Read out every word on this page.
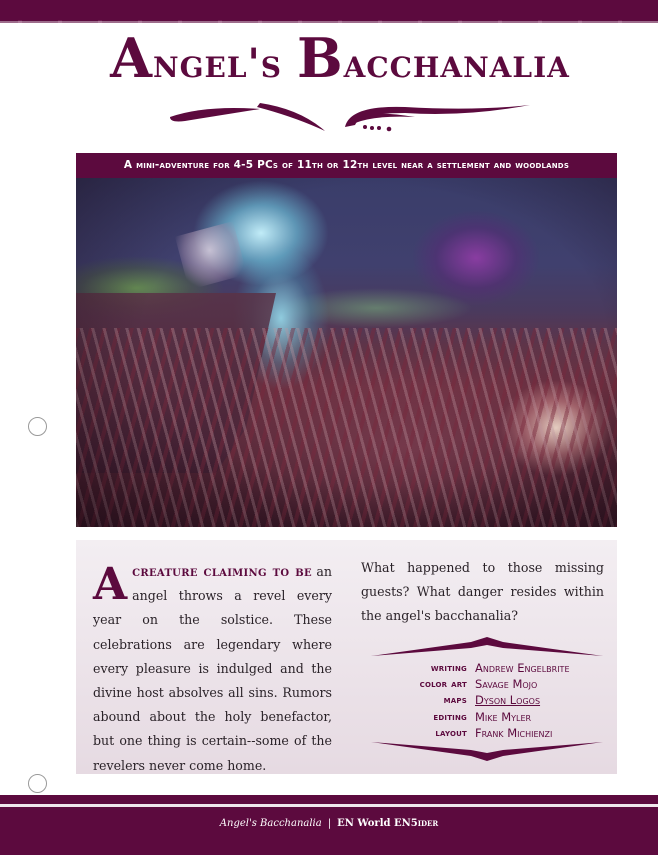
Angel's Bacchanalia
A mini-adventure for 4-5 PCs of 11th or 12th level near a settlement and woodlands
A creature claiming to be an angel throws a revel every year on the solstice. These celebrations are legendary where every pleasure is indulged and the divine host absolves all sins. Rumors abound about the holy benefactor, but one thing is certain--some of the revelers never come home.

What happened to those missing guests? What danger resides within the angel's bacchanalia?

writing Andrew Engelbrite
color art Savage Mojo
maps Dyson Logos
editing Mike Myler
layout Frank Michienzi
Angel's Bacchanalia | EN World EN5ider
